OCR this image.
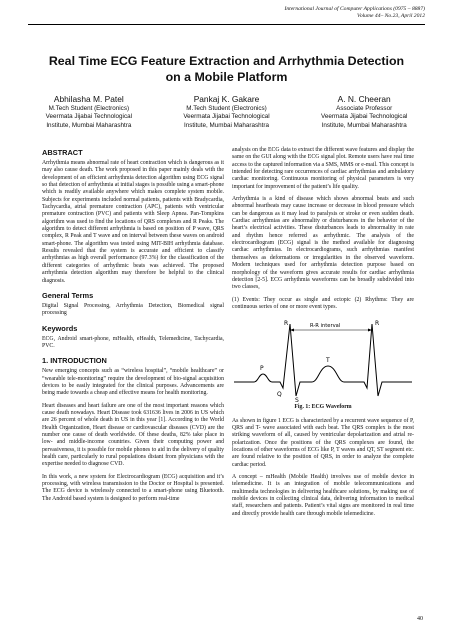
International Journal of Computer Applications (0975 – 8887)
Volume 44– No.23, April 2012
Real Time ECG Feature Extraction and Arrhythmia Detection on a Mobile Platform
Abhilasha M. Patel
M.Tech Student (Electronics)
Veermata Jijabai Technological
Institute, Mumbai Maharashtra
Pankaj K. Gakare
M.Tech Student (Electronics)
Veermata Jijabai Technological
Institute, Mumbai Maharashtra
A. N. Cheeran
Associate Professor
Veermata Jijabai Technological
Institute, Mumbai Maharashtra
ABSTRACT

Arrhythmia means abnormal rate of heart contraction which is dangerous as it may also cause death. The work proposed in this paper mainly deals with the development of an efficient arrhythmia detection algorithm using ECG signal so that detection of arrhythmia at initial stages is possible using a smart-phone which is readily available anywhere which makes complete system mobile. Subjects for experiments included normal patients, patients with Bradycardia, Tachycardia, atrial premature contraction (APC), patients with ventricular premature contraction (PVC) and patients with Sleep Apnea. Pan-Tompkins algorithm was used to find the locations of QRS complexes and R Peaks. The algorithm to detect different arrhythmia is based on position of P wave, QRS complex, R Peak and T wave and on interval between these waves on android smart-phone. The algorithm was tested using MIT-BIH arrhythmia database. Results revealed that the system is accurate and efficient to classify arrhythmias as high overall performance (97.3%) for the classification of the different categories of arrhythmic beats was achieved. The proposed arrhythmia detection algorithm may therefore be helpful to the clinical diagnosis.

General Terms

Digital Signal Processing, Arrhythmia Detection, Biomedical signal processing

Keywords

ECG, Android smart-phone, mHealth, eHealth, Telemedicine, Tachycardia, PVC.

1. INTRODUCTION

New emerging concepts such as “wireless hospital”, “mobile healthcare” or “wearable tele-monitoring” require the development of bio-signal acquisition devices to be easily integrated for the clinical purposes. Advancements are being made towards a cheap and effective means for health monitoring.

Heart diseases and heart failure are one of the most important reasons which cause death nowadays. Heart Disease took 631636 lives in 2006 in US which are 26 percent of whole death in US in this year [1]. According to the World Health Organization, Heart disease or cardiovascular diseases (CVD) are the number one cause of death worldwide. Of these deaths, 82% take place in low- and middle-income countries. Given their computing power and pervasiveness, it is possible for mobile phones to aid in the delivery of quality health care, particularly to rural populations distant from physicians with the expertise needed to diagnose CVD.

In this work, a new system for Electrocardiogram (ECG) acquisition and it’s processing, with wireless transmission to the Doctor or Hospital is presented. The ECG device is wirelessly connected to a smart-phone using Bluetooth. The Android based system is designed to perform real-time

analysis on the ECG data to extract the different wave features and display the same on the GUI along with the ECG signal plot. Remote users have real time access to the captured information via a SMS, MMS or e-mail. This concept is intended for detecting rare occurrences of cardiac arrhythmias and ambulatory cardiac monitoring. Continuous monitoring of physical parameters is very important for improvement of the patient’s life quality.

Arrhythmia is a kind of disease which shows abnormal beats and such abnormal heartbeats may cause increase or decrease in blood pressure which can be dangerous as it may lead to paralysis or stroke or even sudden death. Cardiac arrhythmias are abnormality or disturbances in the behavior of the heart’s electrical activities. These disturbances leads to abnormality in rate and rhythm hence referred as arrhythmic. The analysis of the electrocardiogram (ECG) signal is the method available for diagnosing cardiac arrhythmias. In electrocardiograms, such arrhythmias manifest themselves as deformations or irregularities in the observed waveform. Modern techniques used for arrhythmia detection purpose based on morphology of the waveform gives accurate results for cardiac arrhythmia detection [2-5]. ECG arrhythmia waveforms can be broadly subdivided into two classes,

(1) Events: They occur as single and ectopic (2) Rhythms: They are continuous series of one or more event types.

R	R-R interval	R
P
T
Q
S
Fig. 1: ECG Waveform

As shown in figure 1 ECG is characterized by a recurrent wave sequence of P, QRS and T- wave associated with each beat. The QRS complex is the most striking waveform of all, caused by ventricular depolarization and atrial re-polarization. Once the positions of the QRS complexes are found, the locations of other waveforms of ECG like P, T waves and QT, ST segment etc. are found relative to the position of QRS, in order to analyze the complete cardiac period.

A concept – mHealth (Mobile Health) involves use of mobile device in telemedicine. It is an integration of mobile telecommunications and multimedia technologies in delivering healthcare solutions, by making use of mobile devices in collecting clinical data, delivering information to medical staff, researchers and patients. Patient’s vital signs are monitored in real time and directly provide health care through mobile telemedicine.

40
